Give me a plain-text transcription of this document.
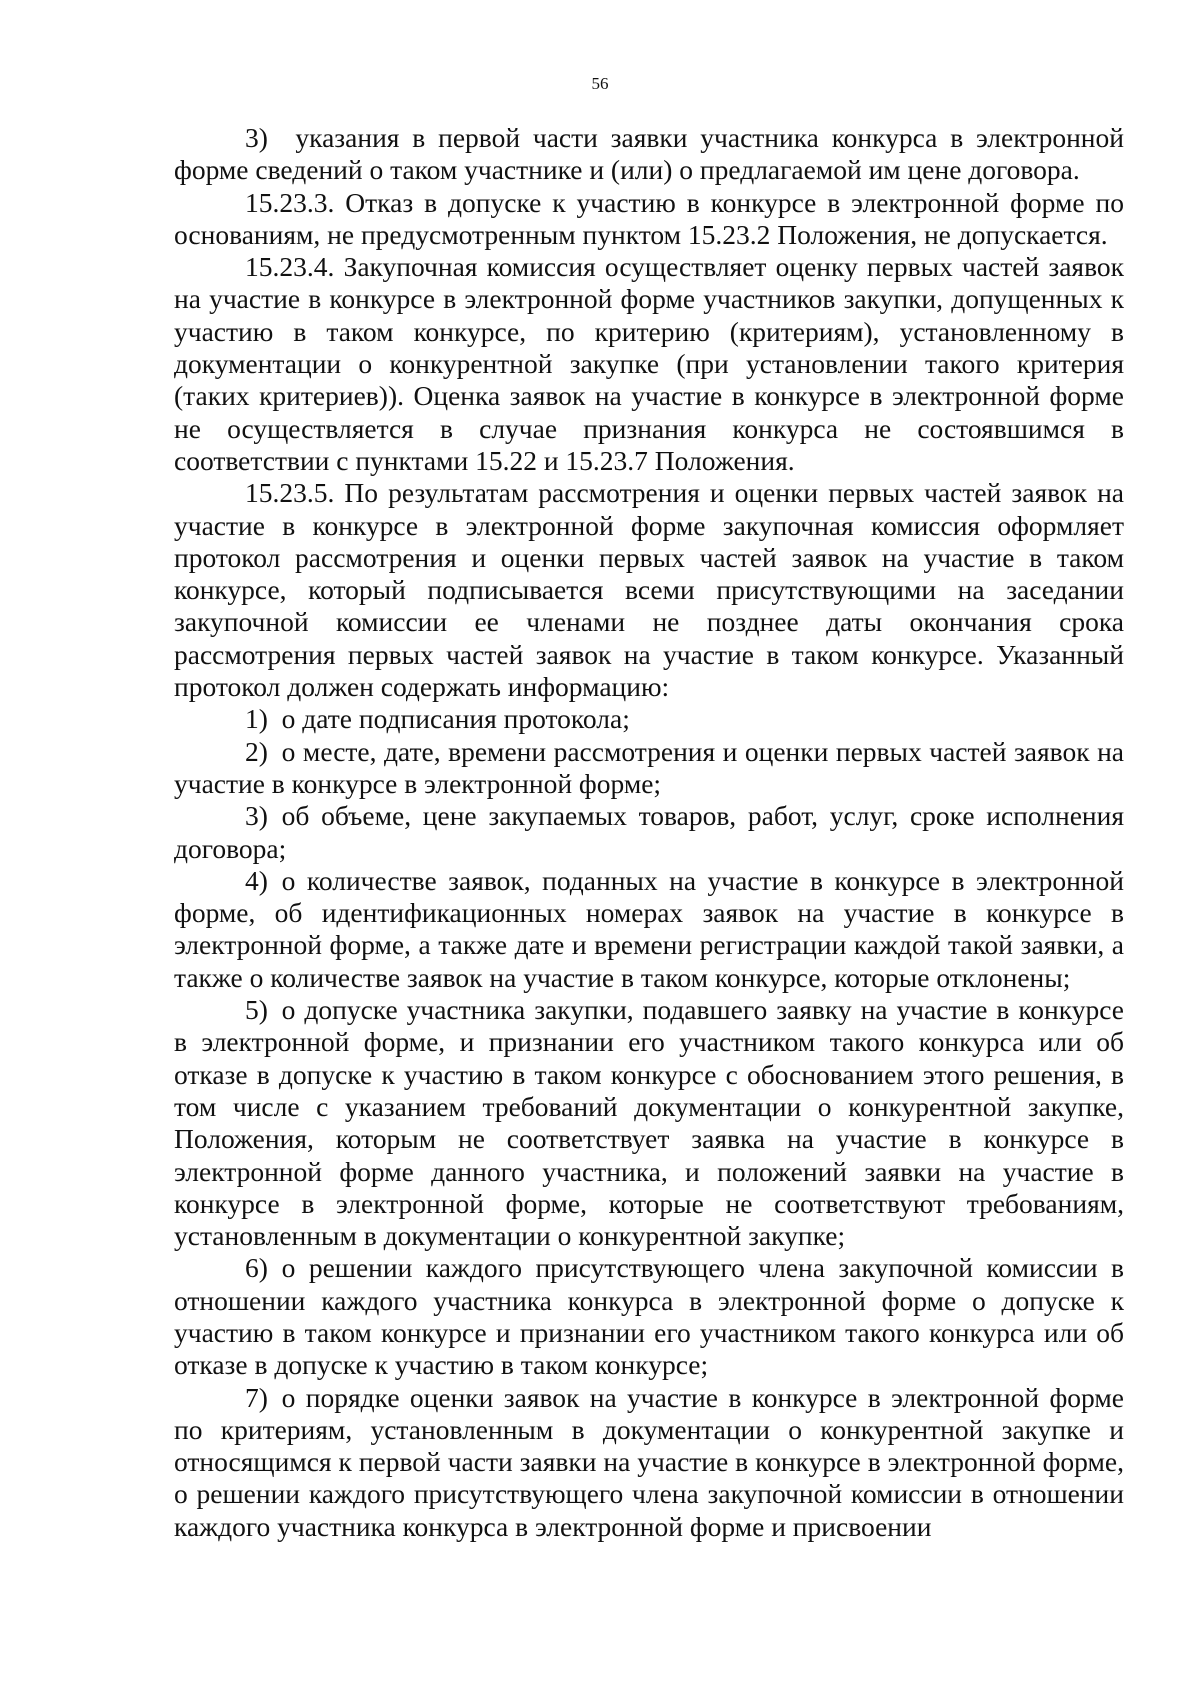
56

3) указания в первой части заявки участника конкурса в электронной форме сведений о таком участнике и (или) о предлагаемой им цене договора.

15.23.3. Отказ в допуске к участию в конкурсе в электронной форме по основаниям, не предусмотренным пунктом 15.23.2 Положения, не допускается.

15.23.4. Закупочная комиссия осуществляет оценку первых частей заявок на участие в конкурсе в электронной форме участников закупки, допущенных к участию в таком конкурсе, по критерию (критериям), установленному в документации о конкурентной закупке (при установлении такого критерия (таких критериев)). Оценка заявок на участие в конкурсе в электронной форме не осуществляется в случае признания конкурса не состоявшимся в соответствии с пунктами 15.22 и 15.23.7 Положения.

15.23.5. По результатам рассмотрения и оценки первых частей заявок на участие в конкурсе в электронной форме закупочная комиссия оформляет протокол рассмотрения и оценки первых частей заявок на участие в таком конкурсе, который подписывается всеми присутствующими на заседании закупочной комиссии ее членами не позднее даты окончания срока рассмотрения первых частей заявок на участие в таком конкурсе. Указанный протокол должен содержать информацию:

1) о дате подписания протокола;

2) о месте, дате, времени рассмотрения и оценки первых частей заявок на участие в конкурсе в электронной форме;

3) об объеме, цене закупаемых товаров, работ, услуг, сроке исполнения договора;

4) о количестве заявок, поданных на участие в конкурсе в электронной форме, об идентификационных номерах заявок на участие в конкурсе в электронной форме, а также дате и времени регистрации каждой такой заявки, а также о количестве заявок на участие в таком конкурсе, которые отклонены;

5) о допуске участника закупки, подавшего заявку на участие в конкурсе в электронной форме, и признании его участником такого конкурса или об отказе в допуске к участию в таком конкурсе с обоснованием этого решения, в том числе с указанием требований документации о конкурентной закупке, Положения, которым не соответствует заявка на участие в конкурсе в электронной форме данного участника, и положений заявки на участие в конкурсе в электронной форме, которые не соответствуют требованиям, установленным в документации о конкурентной закупке;

6) о решении каждого присутствующего члена закупочной комиссии в отношении каждого участника конкурса в электронной форме о допуске к участию в таком конкурсе и признании его участником такого конкурса или об отказе в допуске к участию в таком конкурсе;

7) о порядке оценки заявок на участие в конкурсе в электронной форме по критериям, установленным в документации о конкурентной закупке и относящимся к первой части заявки на участие в конкурсе в электронной форме, о решении каждого присутствующего члена закупочной комиссии в отношении каждого участника конкурса в электронной форме и присвоении
